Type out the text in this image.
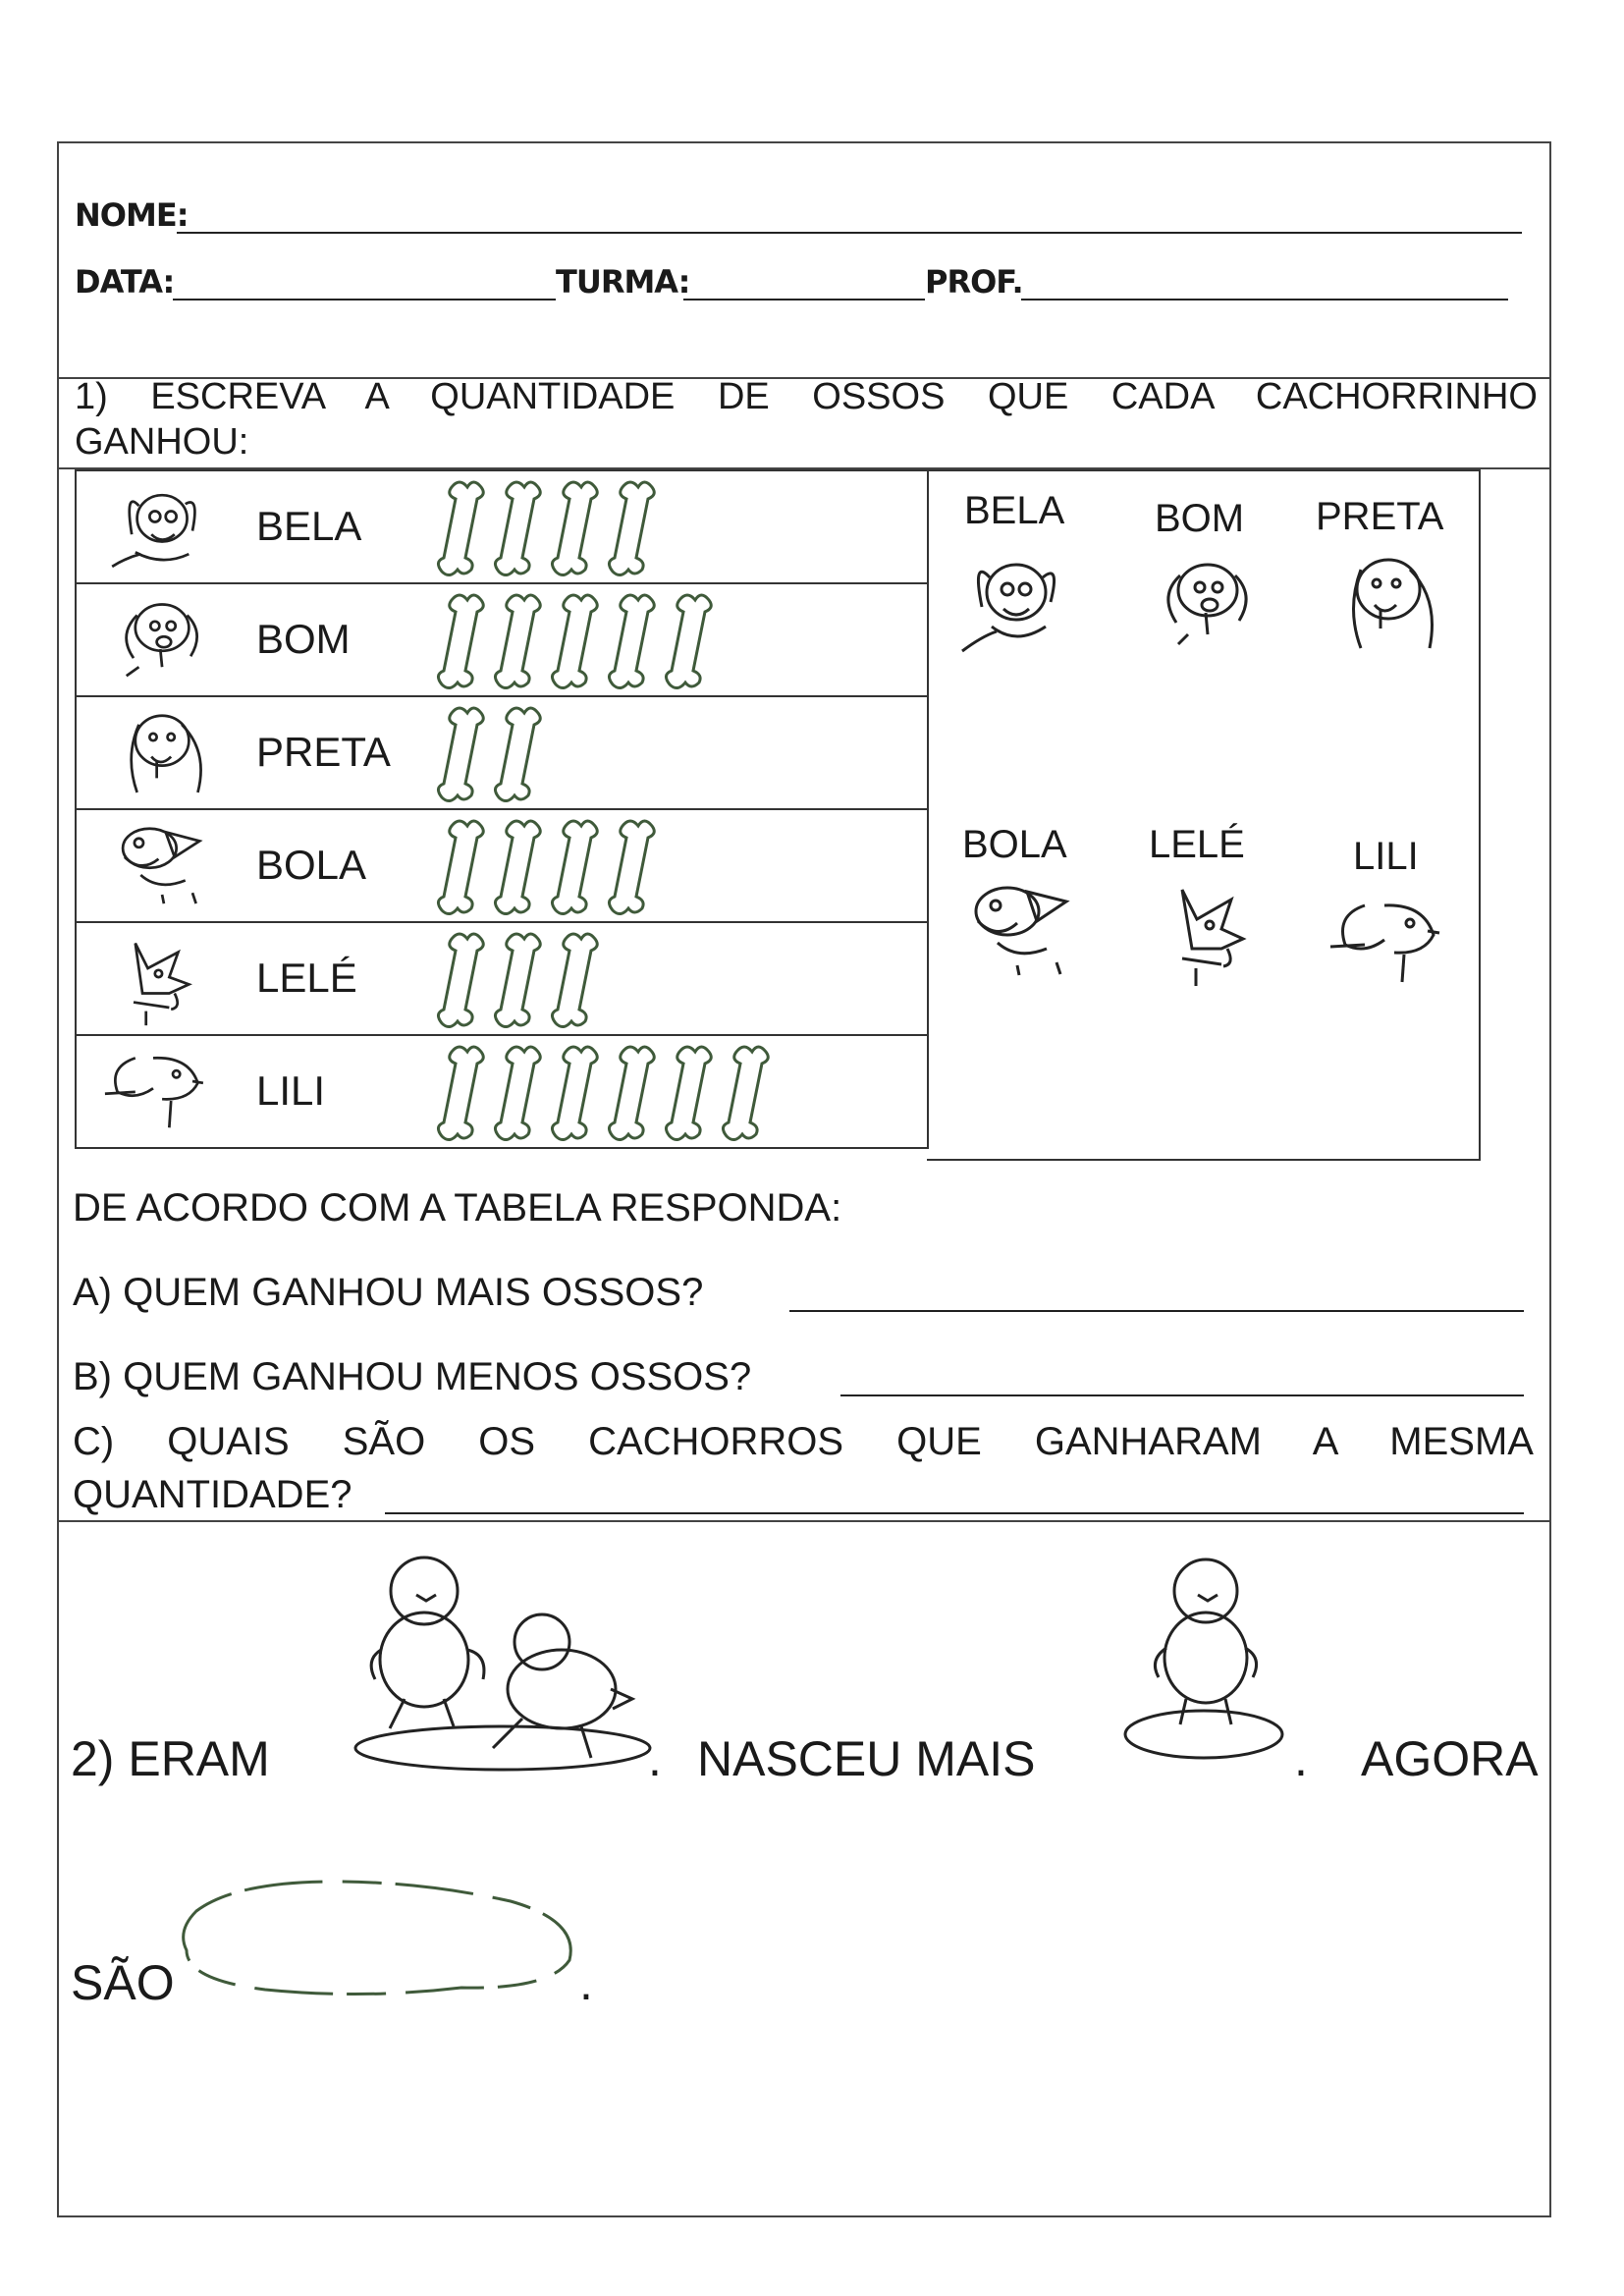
NOME:
DATA:	TURMA:	PROF.
1) ESCREVA A QUANTIDADE DE OSSOS QUE CADA CACHORRINHO
GANHOU:
BELA

BOM

PRETA

BOLA

LELÉ

LILI
BELA BOM PRETA
BOLA LELÉ	LILI
DE ACORDO COM A TABELA RESPONDA:
A) QUEM GANHOU MAIS OSSOS?
B) QUEM GANHOU MENOS OSSOS?
C) QUAIS SÃO OS CACHORROS QUE GANHARAM A MESMA
QUANTIDADE?
2) ERAM	. NASCEU MAIS	. AGORA
SÃO	.
